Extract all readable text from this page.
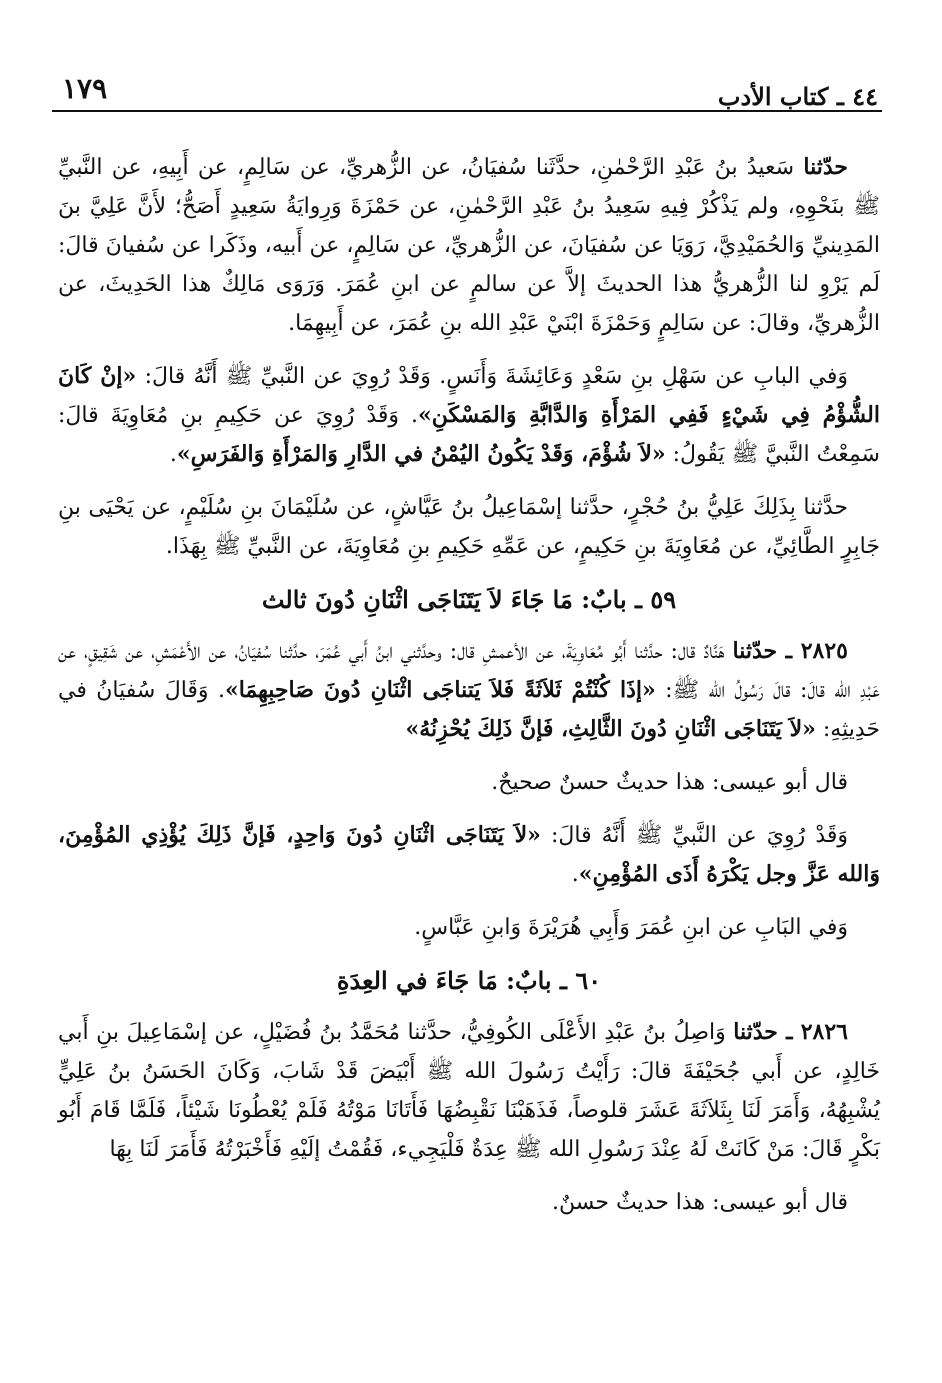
٤٤ ـ كتاب الأدب
١٧٩

حدّثنا سَعيدُ بنُ عَبْدِ الرَّحْمٰنِ، حدَّثَنا سُفيَانُ، عن الزُّهريِّ، عن سَالِمٍ، عن أَبِيهِ، عن النَّبيِّ ﷺ بنَحْوِهِ، ولم يَذْكُرْ فِيهِ سَعِيدُ بنُ عَبْدِ الرَّحْمٰنِ، عن حَمْزَةَ وَرِوايَةُ سَعِيدٍ أَصَحُّ؛ لأَنَّ عَلِيَّ بنَ المَدِينيِّ وَالحُمَيْدِيَّ، رَوَيَا عن سُفيَانَ، عن الزُّهريِّ، عن سَالِمٍ، عن أَبيه، وذَكَرا عن سُفيانَ قالَ: لَم يَرْوِ لنا الزُّهريُّ هذا الحديثَ إلاَّ عن سالمٍ عن ابنِ عُمَرَ. وَرَوَى مَالِكٌ هذا الحَدِيثَ، عن الزُّهريِّ، وقالَ: عن سَالِمٍ وَحَمْزَةَ ابْنَيْ عَبْدِ الله بنِ عُمَرَ، عن أَبِيهِمَا.

وَفي البابِ عن سَهْلِ بنِ سَعْدٍ وَعَائِشَةَ وَأَنَسٍ. وَقَدْ رُوِيَ عن النَّبيِّ ﷺ أَنَّهُ قالَ: «إنْ كَانَ الشُّؤْمُ فِي شَيْءٍ فَفِي المَرْأَةِ وَالدَّابَّةِ وَالمَسْكَنِ». وَقَدْ رُوِيَ عن حَكِيمِ بنِ مُعَاوِيَةَ قالَ: سَمِعْتُ النَّبيَّ ﷺ يَقُولُ: «لاَ شُؤْمَ، وَقَدْ يَكُونُ اليُمْنُ في الدَّارِ وَالمَرْأَةِ وَالفَرَسِ».

حدَّثنا بِذَلِكَ عَلِيُّ بنُ حُجْرٍ، حدَّثنا إسْمَاعِيلُ بنُ عَيَّاشٍ، عن سُلَيْمَانَ بنِ سُلَيْمٍ، عن يَحْيَى بنِ جَابِرٍ الطَّائِيِّ، عن مُعَاوِيَةَ بنِ حَكِيمٍ، عن عَمِّهِ حَكِيمِ بنِ مُعَاوِيَةَ، عن النَّبيِّ ﷺ بِهَذَا.

٥٩ ـ بابٌ: مَا جَاءَ لاَ يَتَنَاجَى اثْنَانِ دُونَ ثالث

٢٨٢٥ ـ حدّثنا هَنَّادٌ قال: حدَّثنا أَبُو مُعَاوِيَةَ، عن الأعمشِ قال: وحدَّثني ابنُ أَبي عُمَرَ، حدَّثنا سُفيَانُ، عن الأَعْمَشِ، عن شَقِيقٍ، عن عَبْدِ الله قالَ: قالَ رَسُولُ الله ﷺ: «إذَا كُنْتُمْ ثَلاَثَةً فَلاَ يَتناجَى اثْنَانِ دُونَ صَاحِبِهِمَا». وَقَالَ سُفيَانُ في حَدِيثِهِ: «لاَ يَتَنَاجَى اثْنَانِ دُونَ الثَّالِثِ، فَإنَّ ذَلِكَ يُحْزِنُهُ»

قال أبو عيسى: هذا حديثٌ حسنٌ صحيحٌ.

وَقَدْ رُوِيَ عن النَّبيِّ ﷺ أَنَّهُ قالَ: «لاَ يَتَنَاجَى اثْنَانِ دُونَ وَاحِدٍ، فَإنَّ ذَلِكَ يُؤْذِي المُؤْمِنَ، وَالله عَزَّ وجل يَكْرَهُ أَذَى المُؤْمِنِ».

وَفي البَابِ عن ابنِ عُمَرَ وَأَبِي هُرَيْرَةَ وَابنِ عَبَّاسٍ.

٦٠ ـ بابٌ: مَا جَاءَ في العِدَةِ

٢٨٢٦ ـ حدّثنا وَاصِلُ بنُ عَبْدِ الأَعْلَى الكُوفِيُّ، حدَّثنا مُحَمَّدُ بنُ فُضَيْلٍ، عن إسْمَاعِيلَ بنِ أَبي خَالِدٍ، عن أَبي جُحَيْفَةَ قالَ: رَأَيْتُ رَسُولَ الله ﷺ أَبْيَضَ قَدْ شَابَ، وَكَانَ الحَسَنُ بنُ عَلِيٍّ يُشْبِهُهُ، وَأَمَرَ لَنَا بِثَلاَثَةَ عَشَرَ قلوصاً، فَذَهَبْنَا نَقْبِضُهَا فَأَتَانَا مَوْتُهُ فَلَمْ يُعْطُونَا شَيْئاً، فَلَمَّا قَامَ أَبُو بَكْرٍ قَالَ: مَنْ كَانَتْ لَهُ عِنْدَ رَسُولِ الله ﷺ عِدَةٌ فَلْيَجِيء، فَقُمْتُ إلَيْهِ فَأَخْبَرْتُهُ فَأَمَرَ لَنَا بِهَا

قال أبو عيسى: هذا حديثٌ حسنٌ.
